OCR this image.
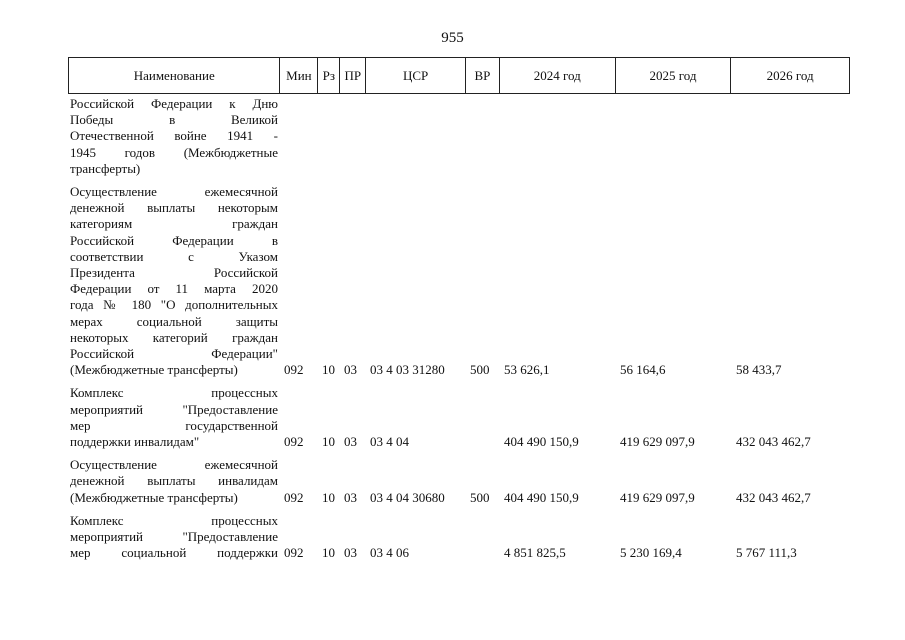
955
Наименование	Мин Рз ПР	ЦСР	ВР	2024 год	2025 год	2026 год
Российской Федерации к Дню
Победы в Великой
Отечественной войне 1941 -
1945 годов (Межбюджетные
трансферты)
Осуществление ежемесячной
денежной выплаты некоторым
категориям граждан
Российской Федерации в
соответствии с Указом
Президента Российской
Федерации от 11 марта 2020
года № 180 "О дополнительных
мерах социальной защиты
некоторых категорий граждан
Российской Федерации"
(Межбюджетные трансферты)	092	10 03	03 4 03 31280	500	53 626,1	56 164,6	58 433,7
Комплекс процессных
мероприятий "Предоставление
мер государственной
поддержки инвалидам"	092	10 03	03 4 04	404 490 150,9	419 629 097,9	432 043 462,7
Осуществление ежемесячной
денежной выплаты инвалидам
(Межбюджетные трансферты)	092	10 03	03 4 04 30680	500	404 490 150,9	419 629 097,9	432 043 462,7
Комплекс процессных
мероприятий "Предоставление
мер социальной поддержки 092	10 03	03 4 06	4 851 825,5	5 230 169,4	5 767 111,3
